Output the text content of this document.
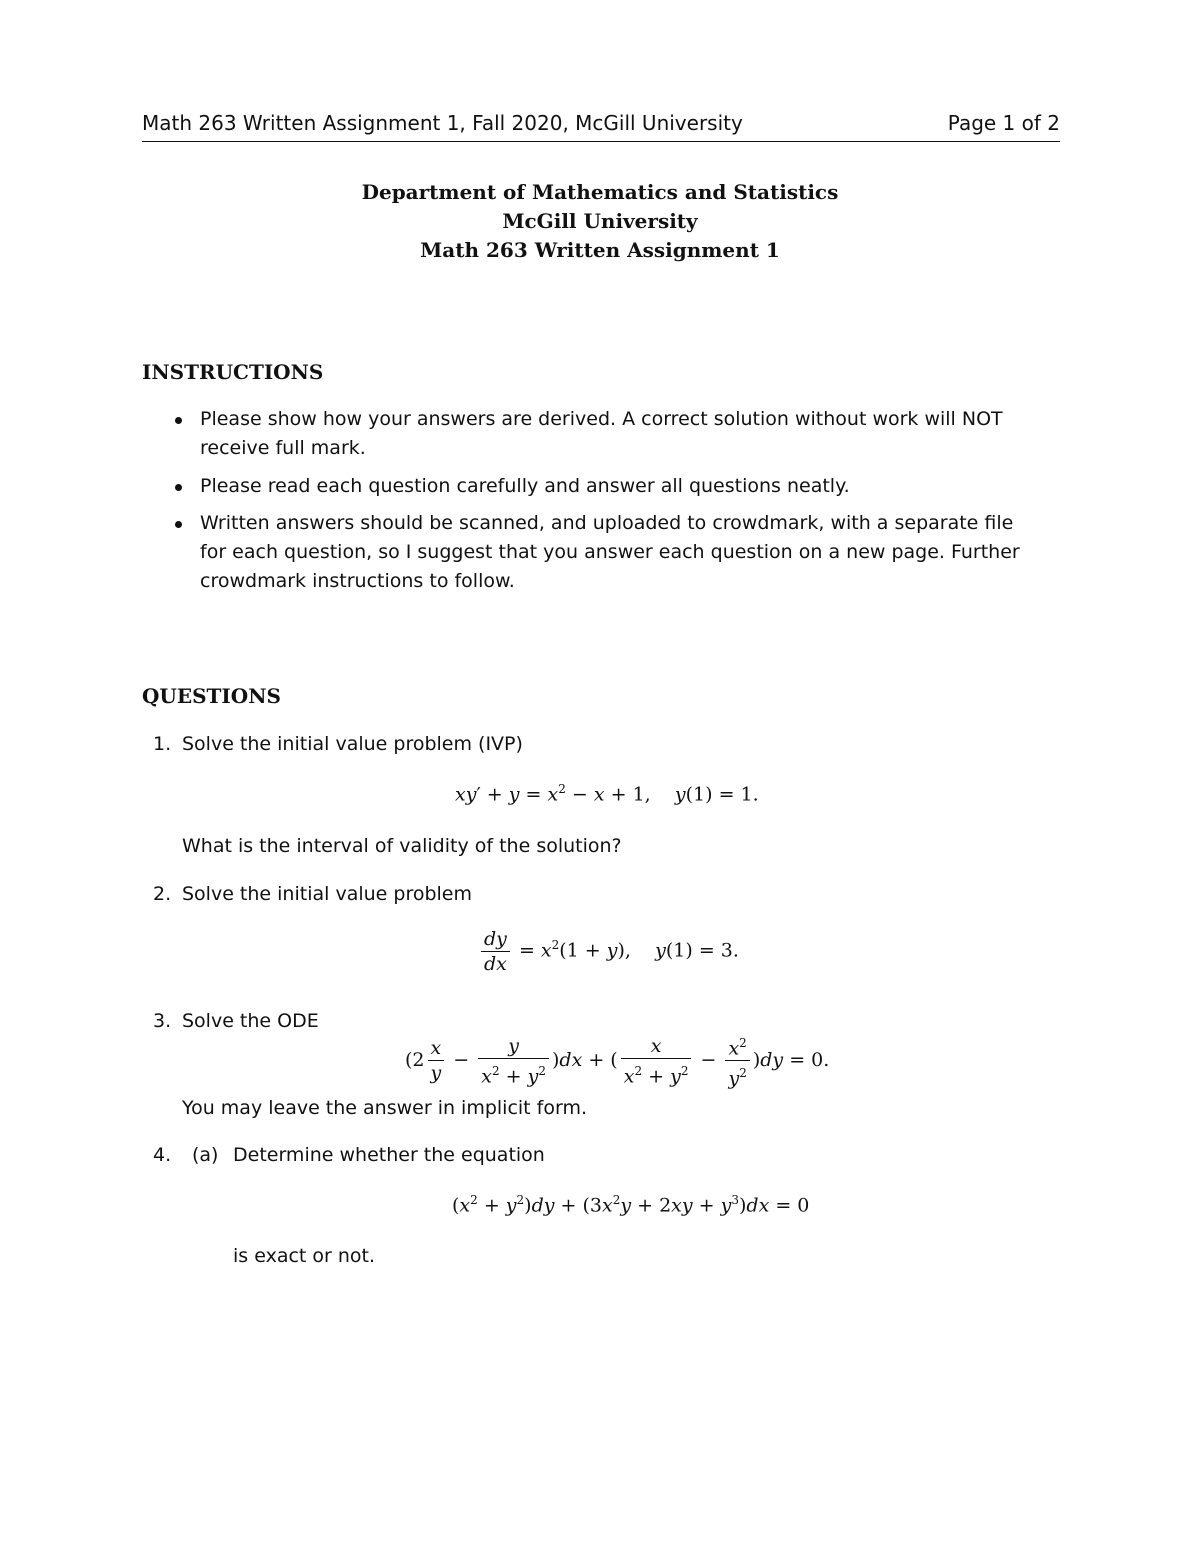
Math 263 Written Assignment 1, Fall 2020, McGill University	Page 1 of 2
Department of Mathematics and Statistics
McGill University
Math 263 Written Assignment 1
INSTRUCTIONS
Please show how your answers are derived. A correct solution without work will NOT
receive full mark.
Please read each question carefully and answer all questions neatly.
Written answers should be scanned, and uploaded to crowdmark, with a separate file
for each question, so I suggest that you answer each question on a new page. Further
crowdmark instructions to follow.
QUESTIONS
1. Solve the initial value problem (IVP)
$xy' + y = x^2 - x + 1$,    y(1) = 1.
What is the interval of validity of the solution?
2. Solve the initial value problem
$\frac{dy}{dx} = x^2(1 + y)$,    y(1) = 3.
3. Solve the ODE
$(2 \frac{x}{y} - \frac{y}{x^2 + y^2} )dx$ + ( $\frac{x}{x^2 + y^2} - \frac{x^2}{y^2} )dy = 0$.
You may leave the answer in implicit form.
4. (a) Determine whether the equation
$(x^2 + y^2)dy + (3x^2y + 2xy + y^3)dx = 0$
is exact or not.
